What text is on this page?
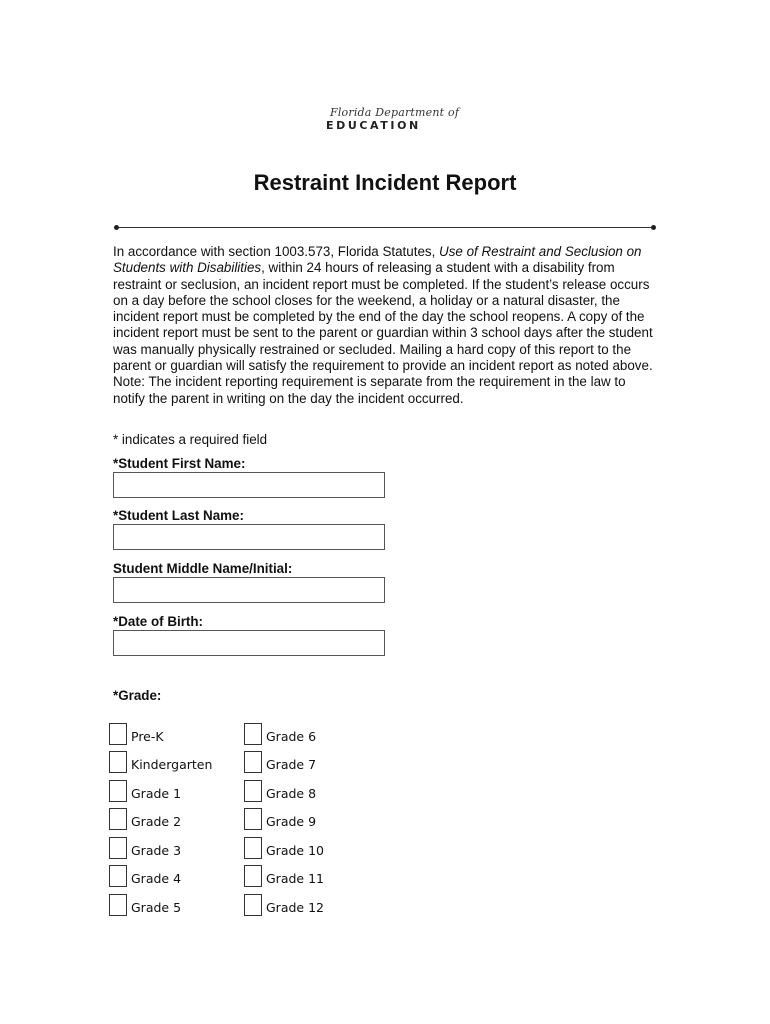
Florida Department of
EDUCATION
Restraint Incident Report
In accordance with section 1003.573, Florida Statutes, Use of Restraint and Seclusion on Students with Disabilities, within 24 hours of releasing a student with a disability from restraint or seclusion, an incident report must be completed. If the student’s release occurs on a day before the school closes for the weekend, a holiday or a natural disaster, the incident report must be completed by the end of the day the school reopens. A copy of the incident report must be sent to the parent or guardian within 3 school days after the student was manually physically restrained or secluded. Mailing a hard copy of this report to the parent or guardian will satisfy the requirement to provide an incident report as noted above. Note: The incident reporting requirement is separate from the requirement in the law to notify the parent in writing on the day the incident occurred.
* indicates a required field
*Student First Name:
*Student Last Name:
Student Middle Name/Initial:
*Date of Birth:
*Grade:
Pre-K
Kindergarten
Grade 1
Grade 2
Grade 3
Grade 4
Grade 5
Grade 6
Grade 7
Grade 8
Grade 9
Grade 10
Grade 11
Grade 12
